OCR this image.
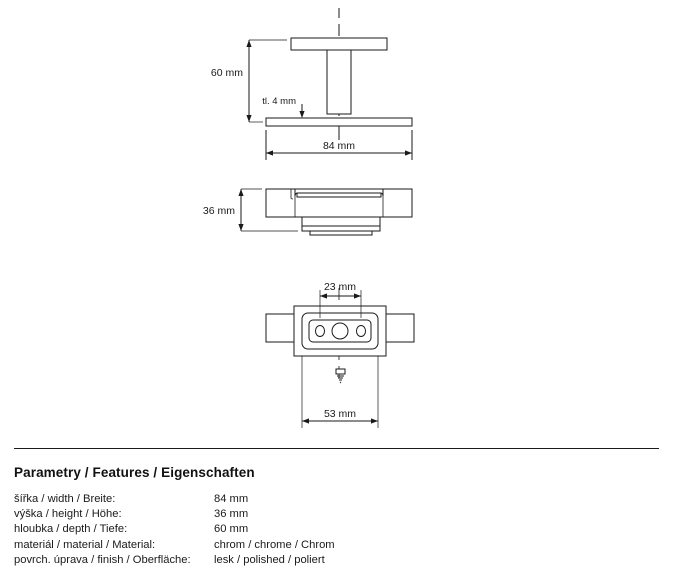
60 mm
tl. 4 mm
84 mm
36 mm
23 mm
53 mm
Parametry / Features / Eigenschaften
šířka / width / Breite:	84 mm
výška / height / Höhe:	36 mm
hloubka / depth / Tiefe:	60 mm
materiál / material / Material:	chrom / chrome / Chrom
povrch. úprava / finish / Oberfläche:	lesk / polished / poliert
